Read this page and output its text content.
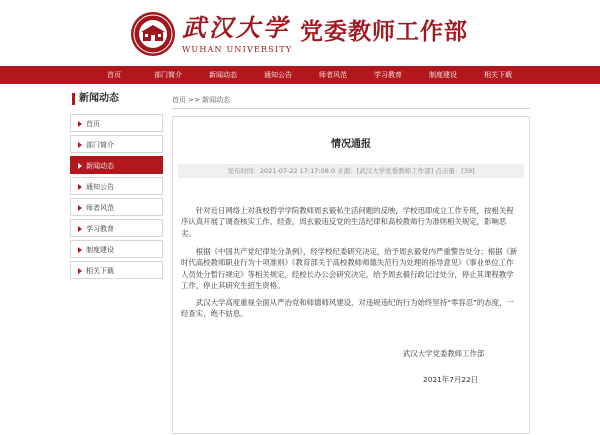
武汉大学
WUHAN UNIVERSITY
党委教师工作部
首页	部门简介	新闻动态	通知公告	师者风范	学习教育	制度建设	相关下载
新闻动态
首页
部门简介
新闻动态
通知公告
师者风范
学习教育
制度建设
相关下载
首页 >> 新闻动态
情况通报
发布时间：2021-07-22 17:17:08.0 来源：[武汉大学党委教师工作部] 点击量：[39]

针对近日网络上对我校哲学学院教师周玄毅私生活问题的反映，学校迅即成立工作专班，按相关程序认真开展了调查核实工作。经查，周玄毅违反党的生活纪律和高校教师行为准则相关规定，影响恶劣。

根据《中国共产党纪律处分条例》，经学校纪委研究决定，给予周玄毅党内严重警告处分；根据《新时代高校教师职业行为十项准则》《教育部关于高校教师师德失范行为处理的指导意见》《事业单位工作人员处分暂行规定》等相关规定，经校长办公会研究决定，给予周玄毅行政记过处分，停止其课程教学工作，停止其研究生招生资格。

武汉大学高度重视全面从严治党和师德师风建设，对违规违纪的行为始终坚持“零容忍”的态度，一经查实，绝不姑息。

武汉大学党委教师工作部
2021年7月22日
